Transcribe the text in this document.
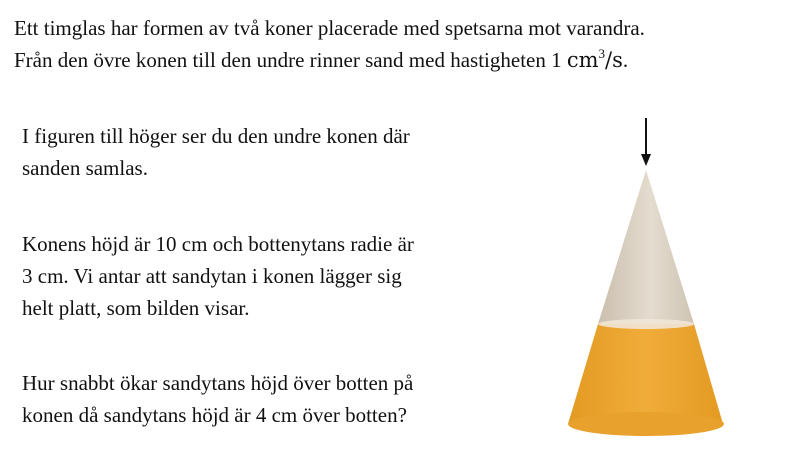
Ett timglas har formen av två koner placerade med spetsarna mot varandra.

Från den övre konen till den undre rinner sand med hastigheten 1 $cm^3/s$.

I figuren till höger ser du den undre konen där

sanden samlas.

Konens höjd är 10 cm och bottenytans radie är

3 cm. Vi antar att sandytan i konen lägger sig

helt platt, som bilden visar.

Hur snabbt ökar sandytans höjd över botten på

konen då sandytans höjd är 4 cm över botten?
